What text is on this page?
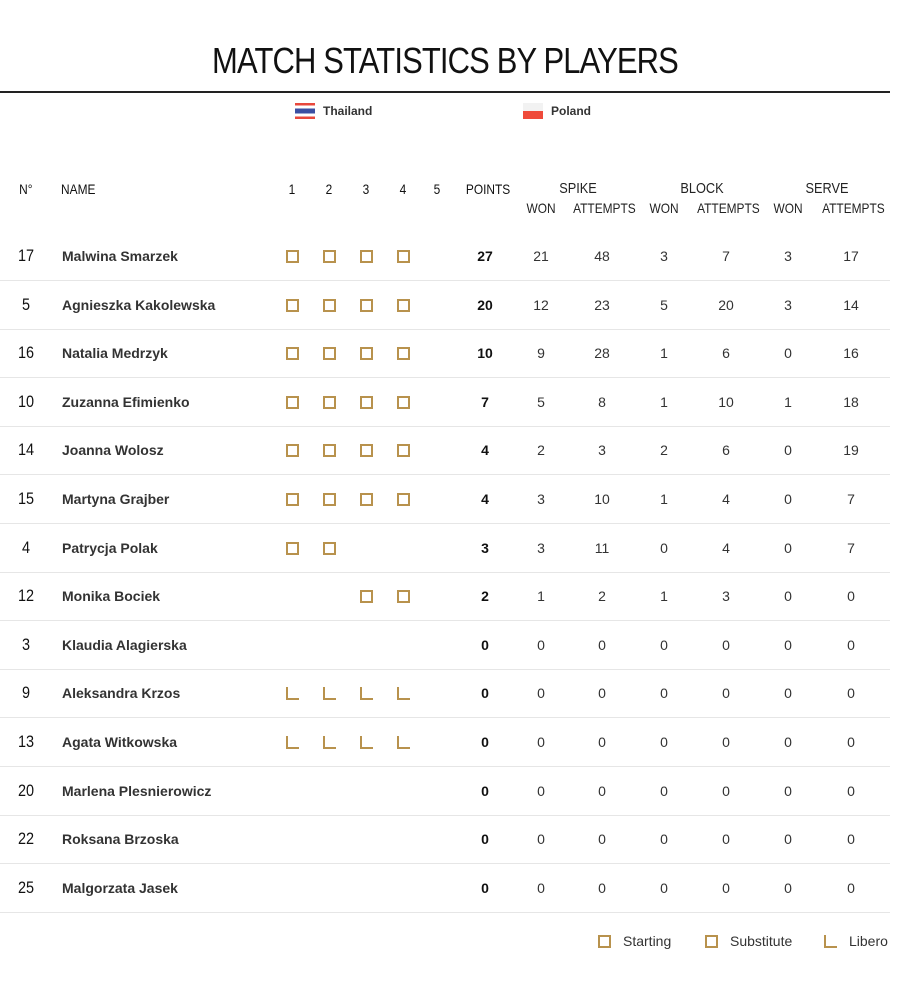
MATCH STATISTICS BY PLAYERS
Thailand	Poland
N° NAME	1 2 3 4 5 POINTS	SPIKE
WON ATTEMPTS
BLOCK
WON ATTEMPTS
SERVE
WON ATTEMPTS
17	Malwina Smarzek	27	21	48	3	7	3	17
5	Agnieszka Kakolewska	20	12	23	5	20	3	14
16	Natalia Medrzyk	10	9	28	1	6	0	16
10	Zuzanna Efimienko	7	5	8	1	10	1	18
14	Joanna Wolosz	4	2	3	2	6	0	19
15	Martyna Grajber	4	3	10	1	4	0	7
4	Patrycja Polak	3	3	11	0	4	0	7
12	Monika Bociek	2	1	2	1	3	0	0
3	Klaudia Alagierska	0	0	0	0	0	0	0
9	Aleksandra Krzos	0	0	0	0	0	0	0
13	Agata Witkowska	0	0	0	0	0	0	0
20	Marlena Plesnierowicz	0	0	0	0	0	0	0
22	Roksana Brzoska	0	0	0	0	0	0	0
25	Malgorzata Jasek	0	0	0	0	0	0	0
Starting	Substitute	Libero
